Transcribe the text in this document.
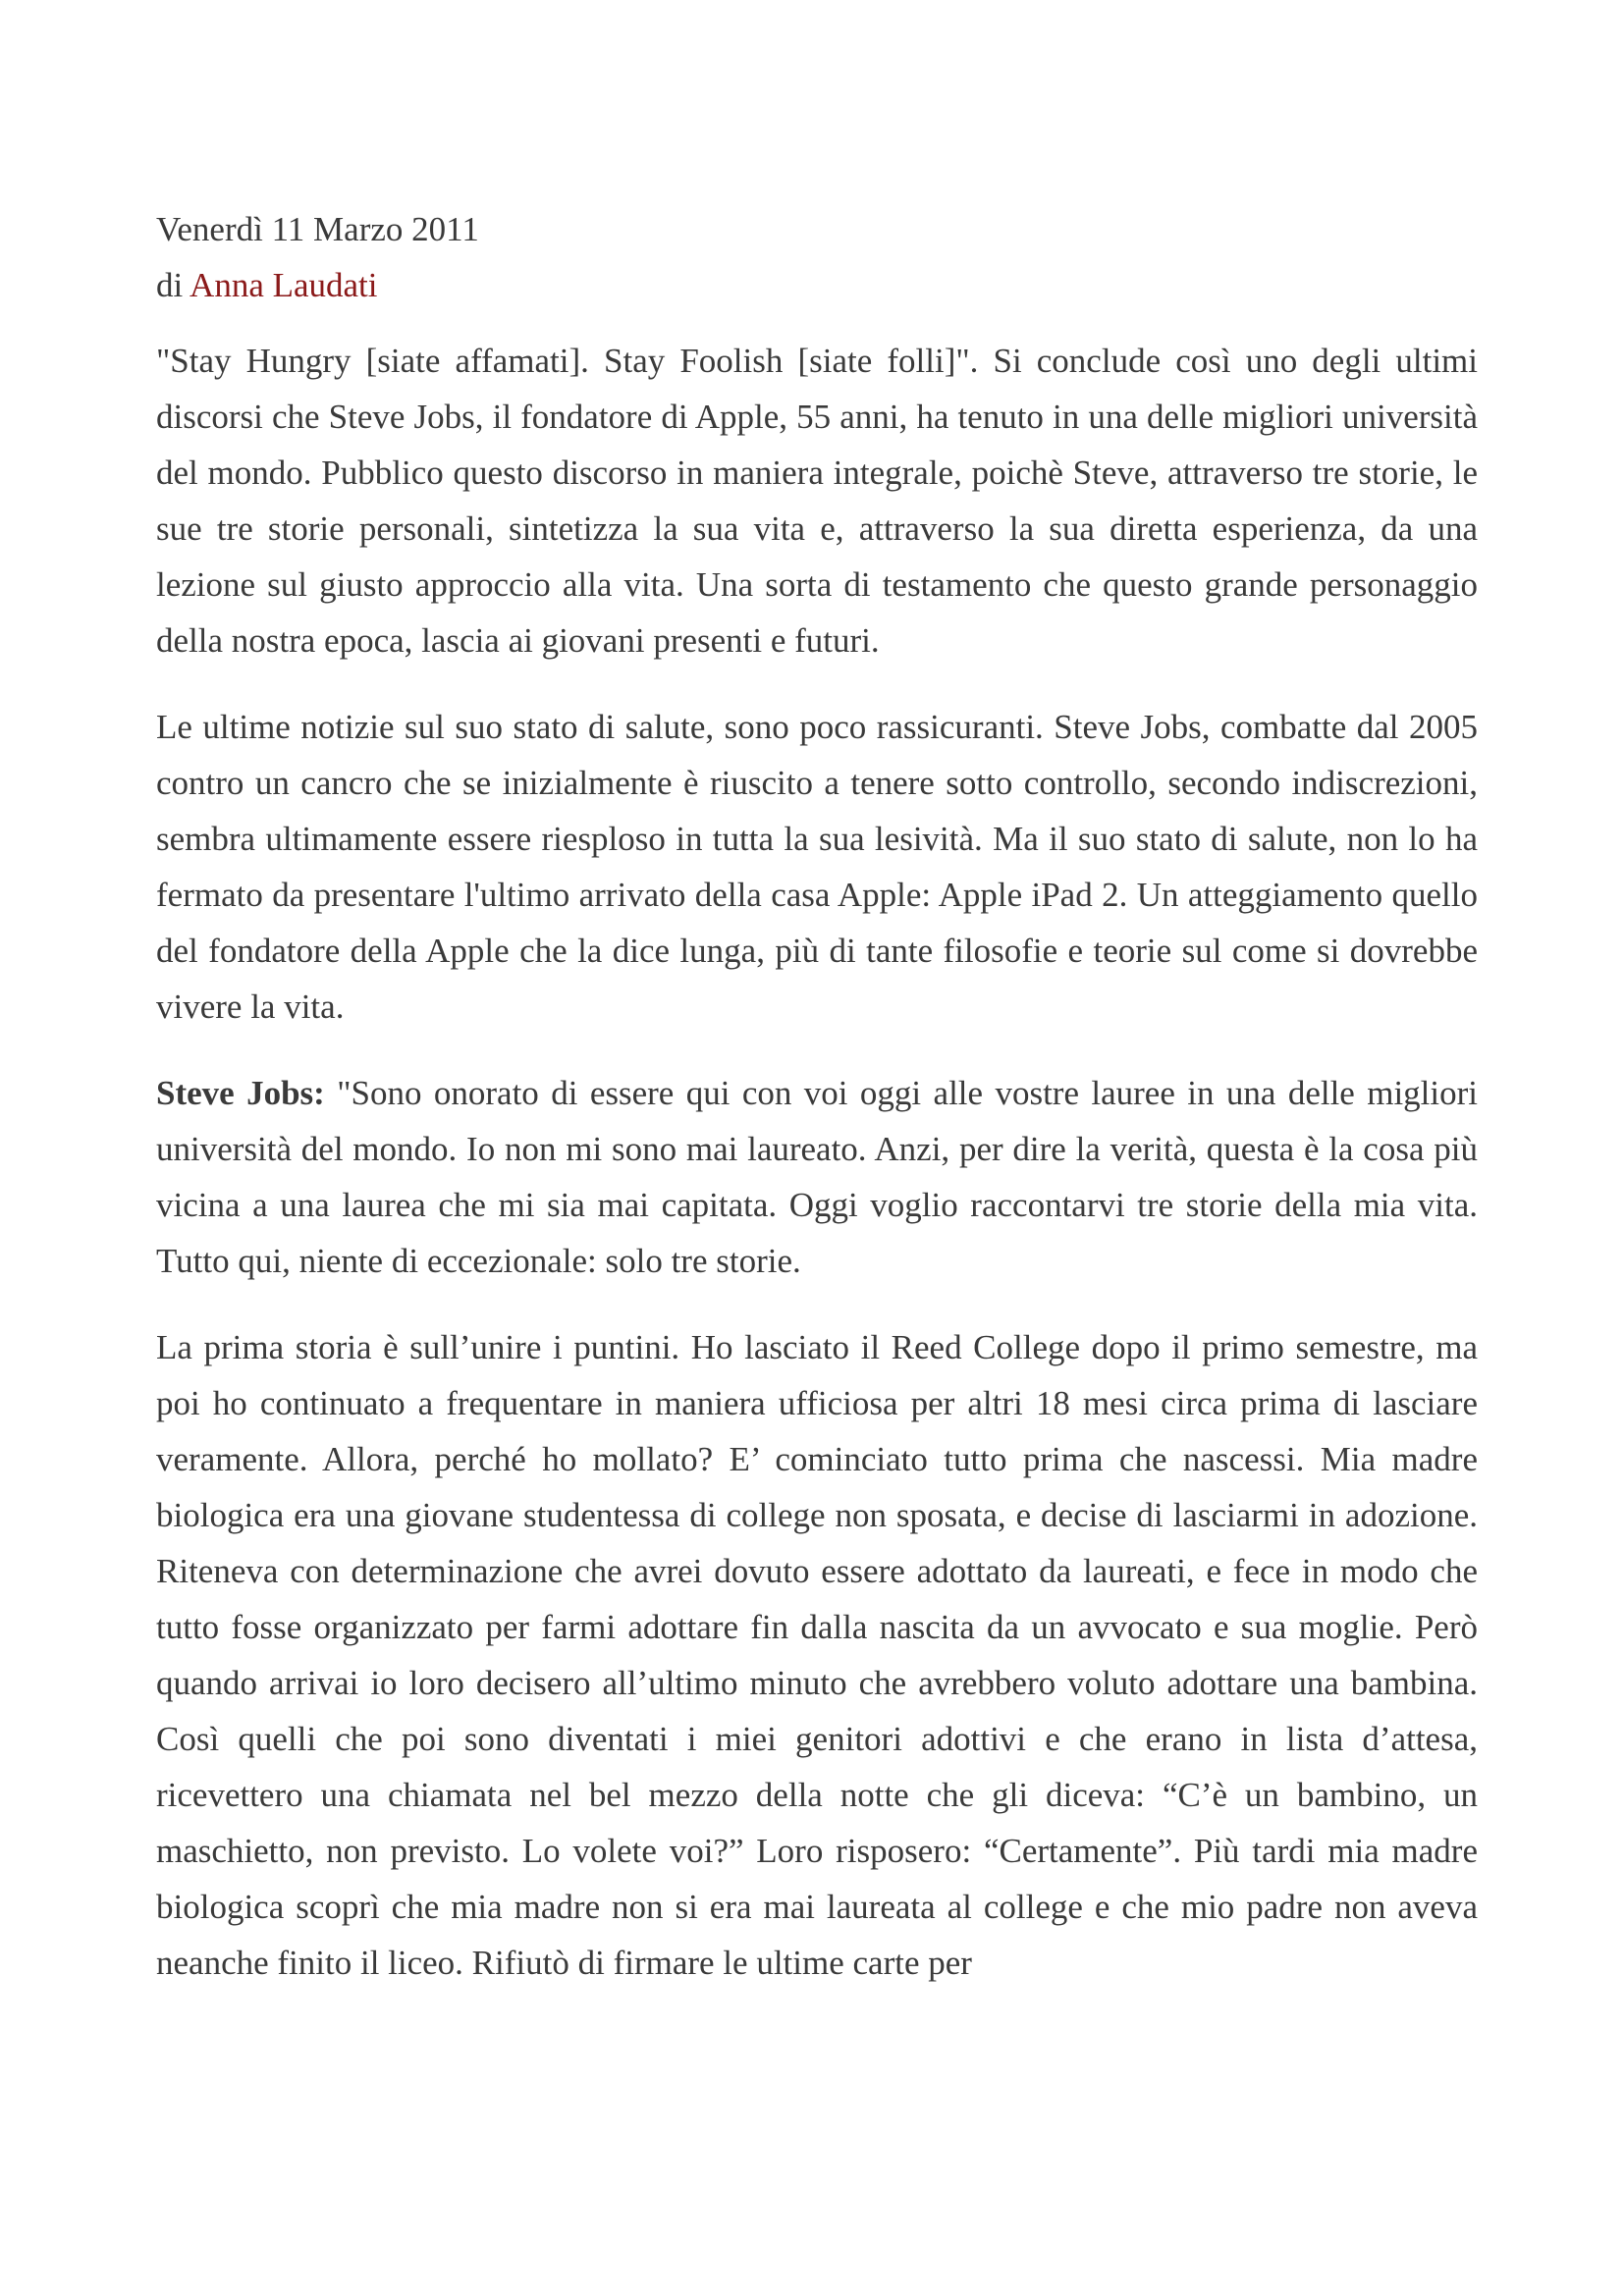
Venerdì 11 Marzo 2011
di Anna Laudati

"Stay Hungry [siate affamati]. Stay Foolish [siate folli]". Si conclude così uno degli ultimi discorsi che Steve Jobs, il fondatore di Apple, 55 anni, ha tenuto in una delle migliori università del mondo. Pubblico questo discorso in maniera integrale, poichè Steve, attraverso tre storie, le sue tre storie personali, sintetizza la sua vita e, attraverso la sua diretta esperienza, da una lezione sul giusto approccio alla vita. Una sorta di testamento che questo grande personaggio della nostra epoca, lascia ai giovani presenti e futuri.

Le ultime notizie sul suo stato di salute, sono poco rassicuranti. Steve Jobs, combatte dal 2005 contro un cancro che se inizialmente è riuscito a tenere sotto controllo, secondo indiscrezioni, sembra ultimamente essere riesploso in tutta la sua lesività. Ma il suo stato di salute, non lo ha fermato da presentare l'ultimo arrivato della casa Apple: Apple iPad 2. Un atteggiamento quello del fondatore della Apple che la dice lunga, più di tante filosofie e teorie sul come si dovrebbe vivere la vita.

Steve Jobs: "Sono onorato di essere qui con voi oggi alle vostre lauree in una delle migliori università del mondo. Io non mi sono mai laureato. Anzi, per dire la verità, questa è la cosa più vicina a una laurea che mi sia mai capitata. Oggi voglio raccontarvi tre storie della mia vita. Tutto qui, niente di eccezionale: solo tre storie.

La prima storia è sull’unire i puntini. Ho lasciato il Reed College dopo il primo semestre, ma poi ho continuato a frequentare in maniera ufficiosa per altri 18 mesi circa prima di lasciare veramente. Allora, perché ho mollato? E’ cominciato tutto prima che nascessi. Mia madre biologica era una giovane studentessa di college non sposata, e decise di lasciarmi in adozione. Riteneva con determinazione che avrei dovuto essere adottato da laureati, e fece in modo che tutto fosse organizzato per farmi adottare fin dalla nascita da un avvocato e sua moglie. Però quando arrivai io loro decisero all’ultimo minuto che avrebbero voluto adottare una bambina. Così quelli che poi sono diventati i miei genitori adottivi e che erano in lista d’attesa, ricevettero una chiamata nel bel mezzo della notte che gli diceva: “C’è un bambino, un maschietto, non previsto. Lo volete voi?” Loro risposero: “Certamente”. Più tardi mia madre biologica scoprì che mia madre non si era mai laureata al college e che mio padre non aveva neanche finito il liceo. Rifiutò di firmare le ultime carte per
